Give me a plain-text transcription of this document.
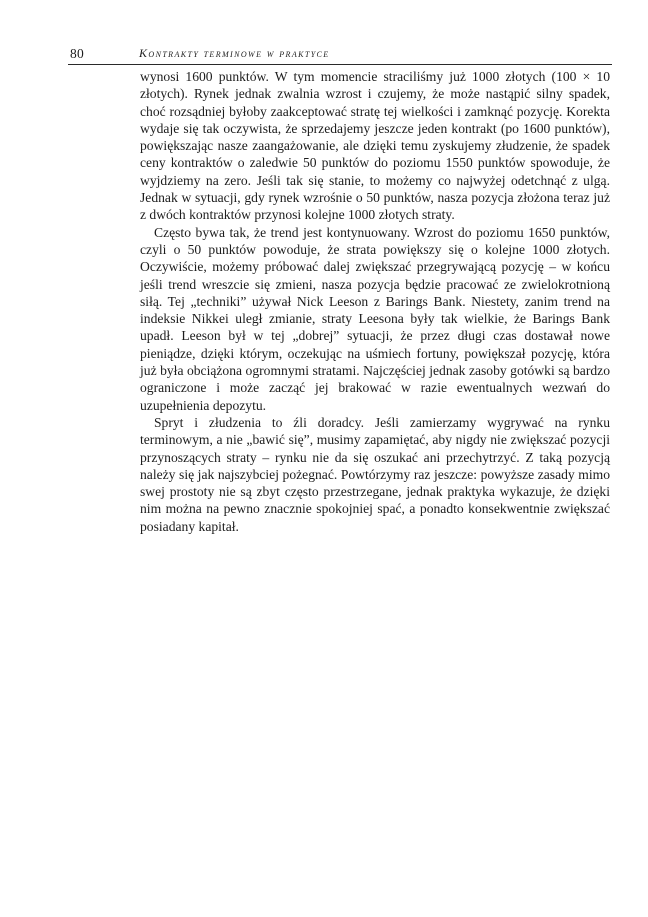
80	Kontrakty terminowe w praktyce

wynosi 1600 punktów. W tym momencie straciliśmy już 1000 złotych (100 × 10 złotych). Rynek jednak zwalnia wzrost i czujemy, że może nastąpić silny spadek, choć rozsądniej byłoby zaakceptować stratę tej wielkości i zamknąć pozycję. Korekta wydaje się tak oczywista, że sprzedajemy jeszcze jeden kontrakt (po 1600 punktów), powiększając nasze zaangażowanie, ale dzięki temu zyskujemy złudzenie, że spadek ceny kontraktów o zaledwie 50 punktów do poziomu 1550 punktów spowoduje, że wyjdziemy na zero. Jeśli tak się stanie, to możemy co najwyżej odetchnąć z ulgą. Jednak w sytuacji, gdy rynek wzrośnie o 50 punktów, nasza pozycja złożona teraz już z dwóch kontraktów przynosi kolejne 1000 złotych straty.

Często bywa tak, że trend jest kontynuowany. Wzrost do poziomu 1650 punktów, czyli o 50 punktów powoduje, że strata powiększy się o kolejne 1000 złotych. Oczywiście, możemy próbować dalej zwiększać przegrywającą pozycję – w końcu jeśli trend wreszcie się zmieni, nasza pozycja będzie pracować ze zwielokrotnioną siłą. Tej „techniki” używał Nick Leeson z Barings Bank. Niestety, zanim trend na indeksie Nikkei uległ zmianie, straty Leesona były tak wielkie, że Barings Bank upadł. Leeson był w tej „dobrej” sytuacji, że przez długi czas dostawał nowe pieniądze, dzięki którym, oczekując na uśmiech fortuny, powiększał pozycję, która już była obciążona ogromnymi stratami. Najczęściej jednak zasoby gotówki są bardzo ograniczone i może zacząć jej brakować w razie ewentualnych wezwań do uzupełnienia depozytu.

Spryt i złudzenia to źli doradcy. Jeśli zamierzamy wygrywać na rynku terminowym, a nie „bawić się”, musimy zapamiętać, aby nigdy nie zwiększać pozycji przynoszących straty – rynku nie da się oszukać ani przechytrzyć. Z taką pozycją należy się jak najszybciej pożegnać. Powtórzymy raz jeszcze: powyższe zasady mimo swej prostoty nie są zbyt często przestrzegane, jednak praktyka wykazuje, że dzięki nim można na pewno znacznie spokojniej spać, a ponadto konsekwentnie zwiększać posiadany kapitał.
